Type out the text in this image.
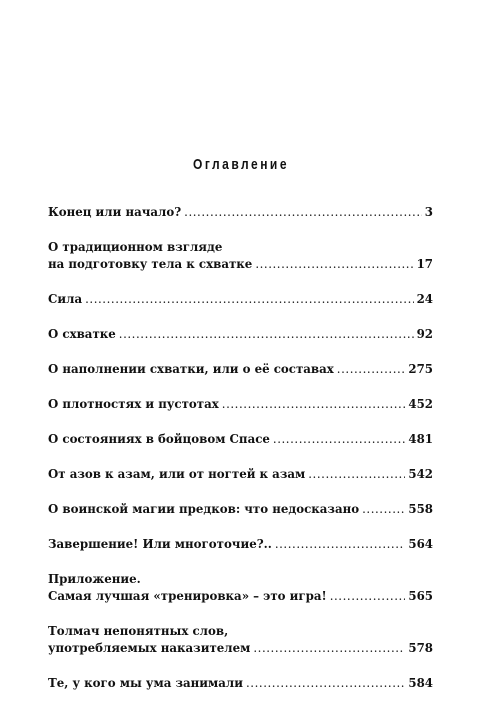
Оглавление
Конец или начало? . . .	3
О традиционном взгляде
на подготовку тела к схватке . . .	17
Сила . . .	24
О схватке . . .	92
О наполнении схватки, или о её составах . . .	275
О плотностях и пустотах . . .	452
О состояниях в бойцовом Спасе . . .	481
От азов к азам, или от ногтей к азам . . .	542
О воинской магии предков: что недосказано . . .	558
Завершение! Или многоточие?.. . . .	564
Приложение.
Самая лучшая «тренировка» – это игра! . . .	565
Толмач непонятных слов,
употребляемых наказителем . . .	578
Те, у кого мы ума занимали . . .	584
